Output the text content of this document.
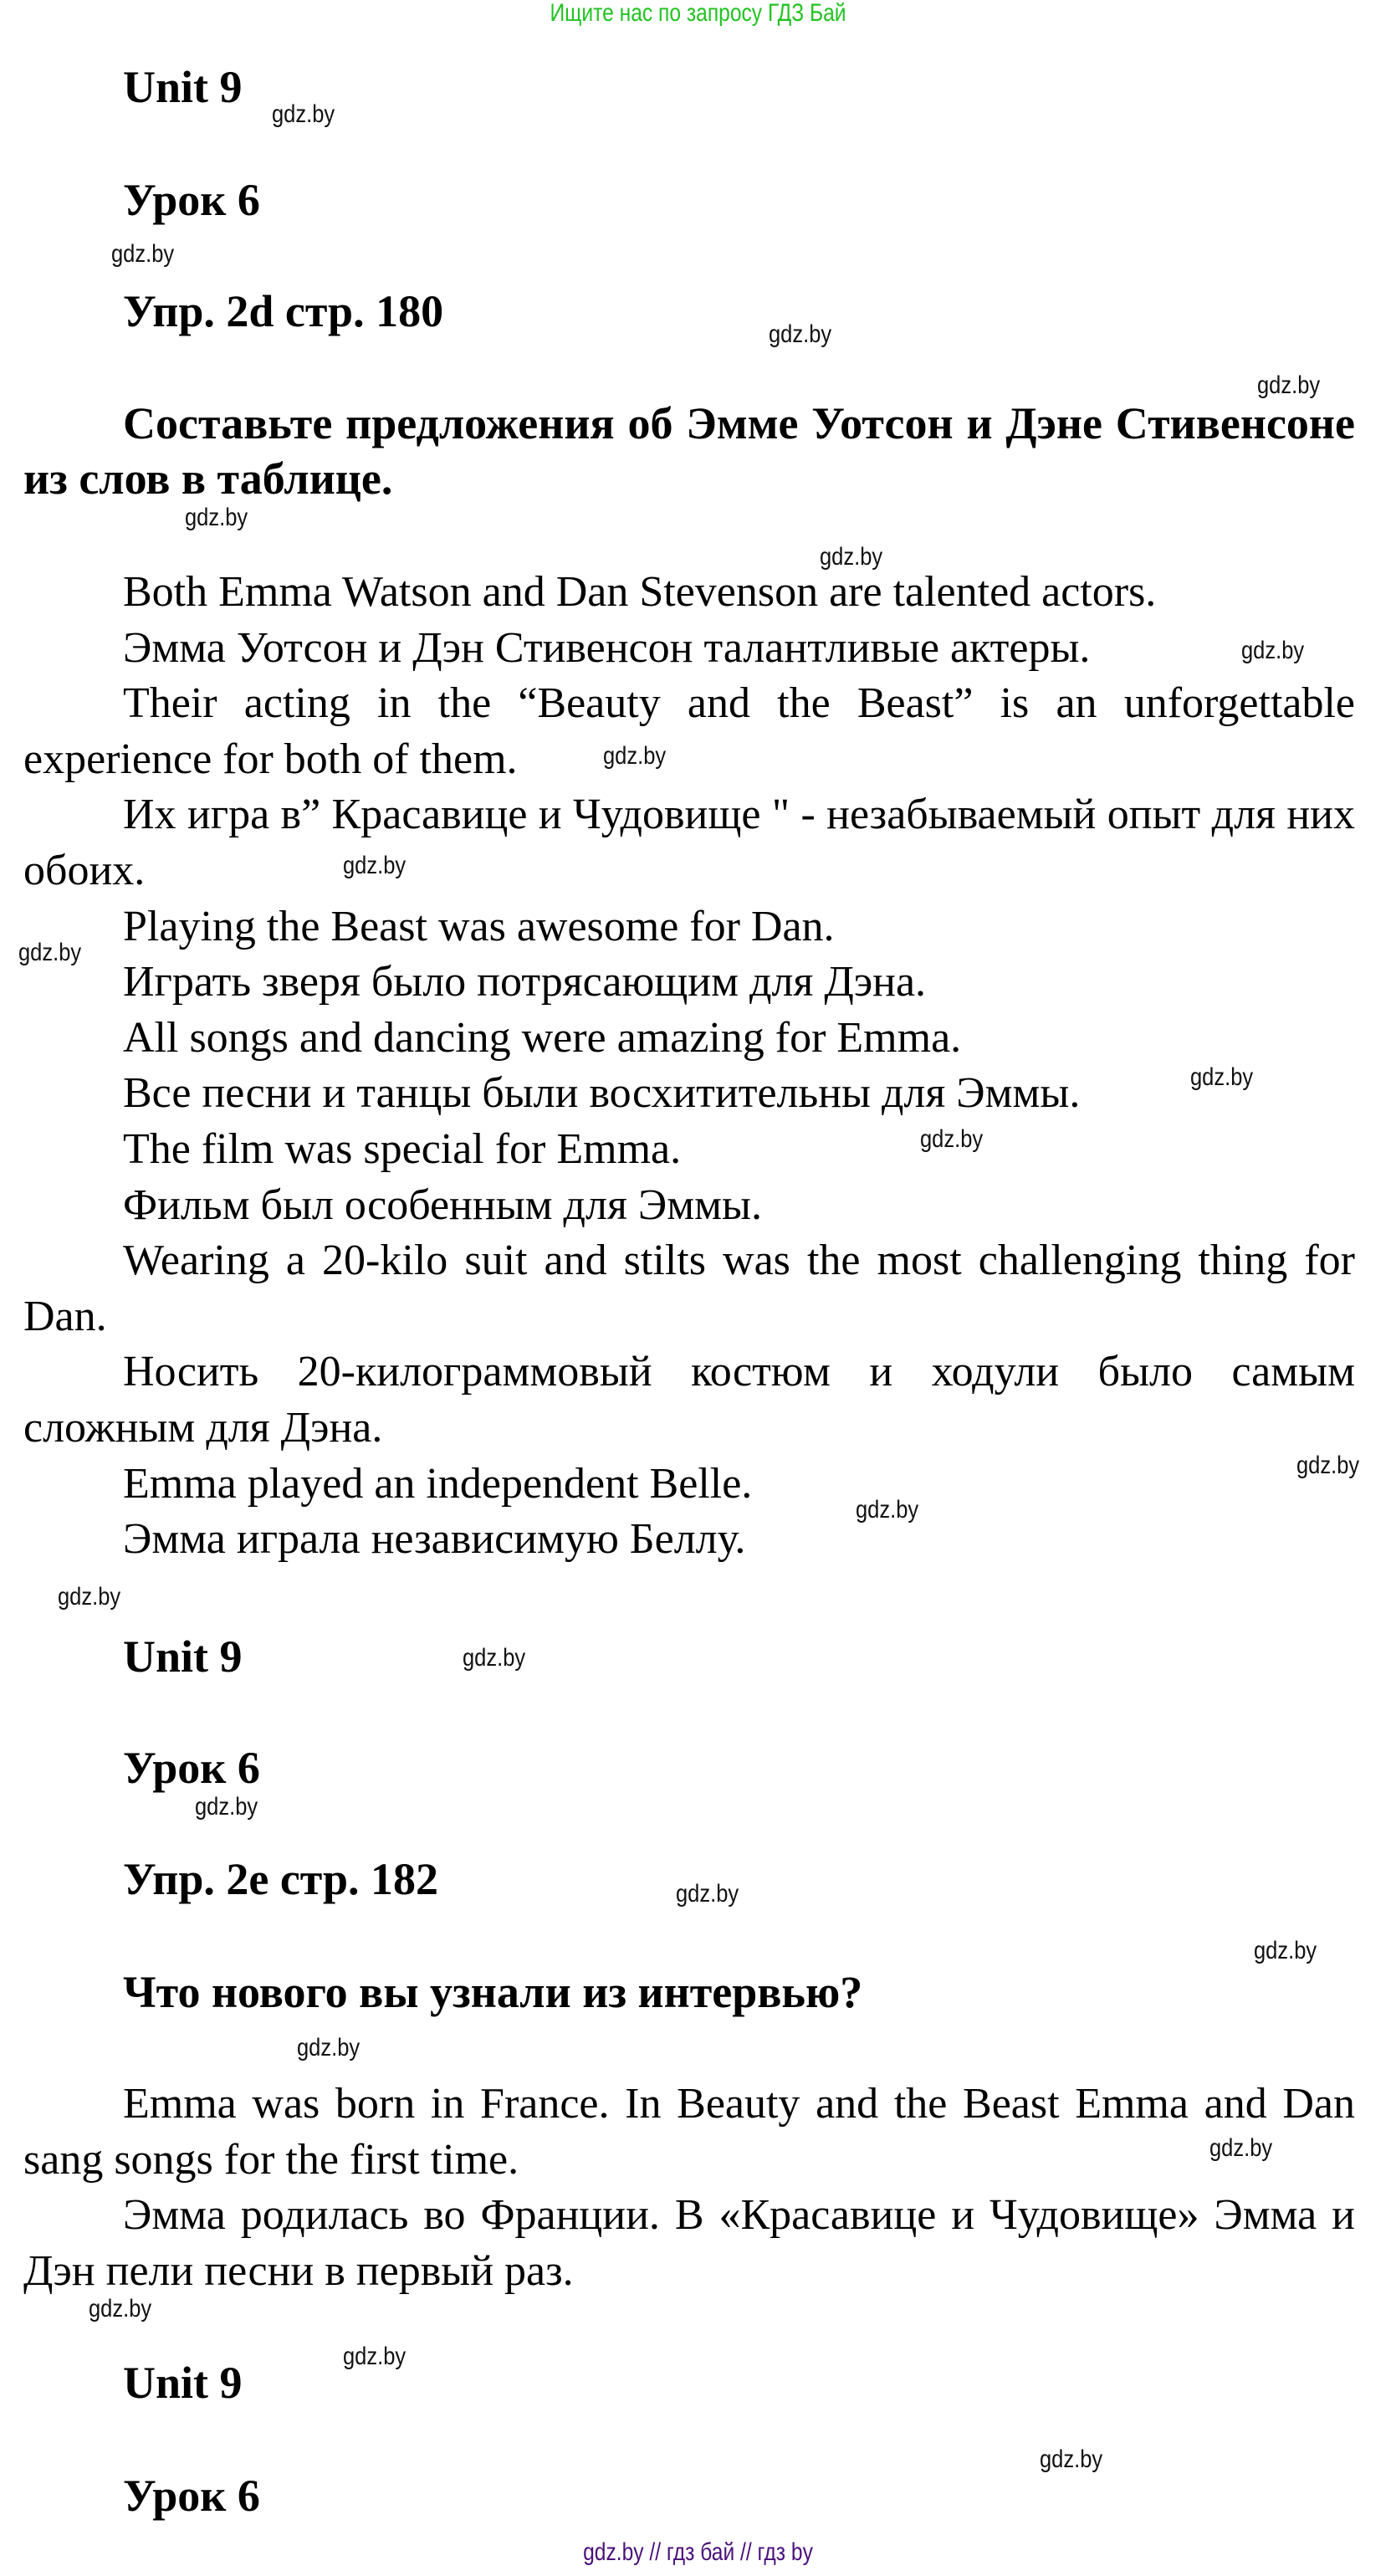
Ищите нас по запросу ГДЗ Бай
Unit 9
Урок 6
Упр. 2d стр. 180
Составьте предложения об Эмме Уотсон и Дэне Стивенсоне из слов в таблице.

Both Emma Watson and Dan Stevenson are talented actors.

Эмма Уотсон и Дэн Стивенсон талантливые актеры.

Their acting in the “Beauty and the Beast” is an unforgettable experience for both of them.

Их игра в” Красавице и Чудовище " - незабываемый опыт для них обоих.

Playing the Beast was awesome for Dan.

Играть зверя было потрясающим для Дэна.

All songs and dancing were amazing for Emma.

Все песни и танцы были восхитительны для Эммы.

The film was special for Emma.

Фильм был особенным для Эммы.

Wearing a 20-kilo suit and stilts was the most challenging thing for Dan.

Носить 20-килограммовый костюм и ходули было самым сложным для Дэна.

Emma played an independent Belle.

Эмма играла независимую Беллу.

Unit 9
Урок 6
Упр. 2e стр. 182
Что нового вы узнали из интервью?

Emma was born in France. In Beauty and the Beast Emma and Dan sang songs for the first time.

Эмма родилась во Франции. В «Красавице и Чудовище» Эмма и Дэн пели песни в первый раз.

Unit 9
Урок 6
gdz.by
gdz.by
gdz.by
gdz.by
gdz.by
gdz.by
gdz.by
gdz.by
gdz.by
gdz.by
gdz.by
gdz.by
gdz.by
gdz.by
gdz.by
gdz.by
gdz.by
gdz.by
gdz.by
gdz.by
gdz.by
gdz.by
gdz.by
gdz.by
gdz.by // гдз бай // гдз by
